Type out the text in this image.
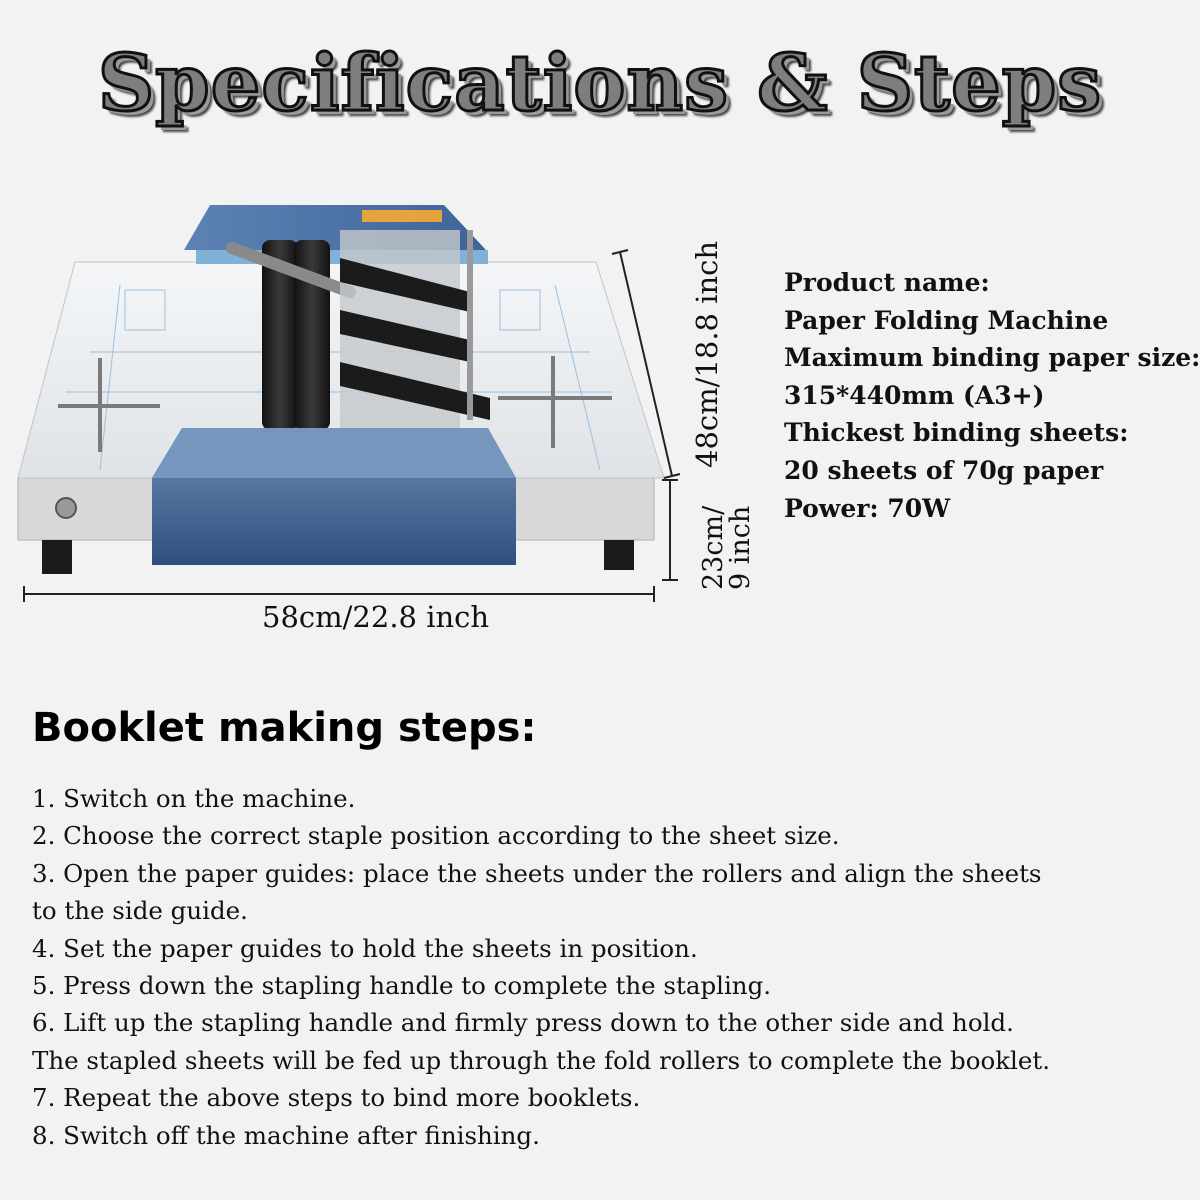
Specifications & Steps
58cm/22.8 inch
48cm/18.8 inch
23cm/
9 inch
Product name:
Paper Folding Machine
Maximum binding paper size:
315*440mm (A3+)
Thickest binding sheets:
20 sheets of 70g paper
Power: 70W
Booklet making steps:
1. Switch on the machine.
2. Choose the correct staple position according to the sheet size.
3. Open the paper guides: place the sheets under the rollers and align the sheets
to the side guide.
4. Set the paper guides to hold the sheets in position.
5. Press down the stapling handle to complete the stapling.
6. Lift up the stapling handle and firmly press down to the other side and hold.
The stapled sheets will be fed up through the fold rollers to complete the booklet.
7. Repeat the above steps to bind more booklets.
8. Switch off the machine after finishing.
